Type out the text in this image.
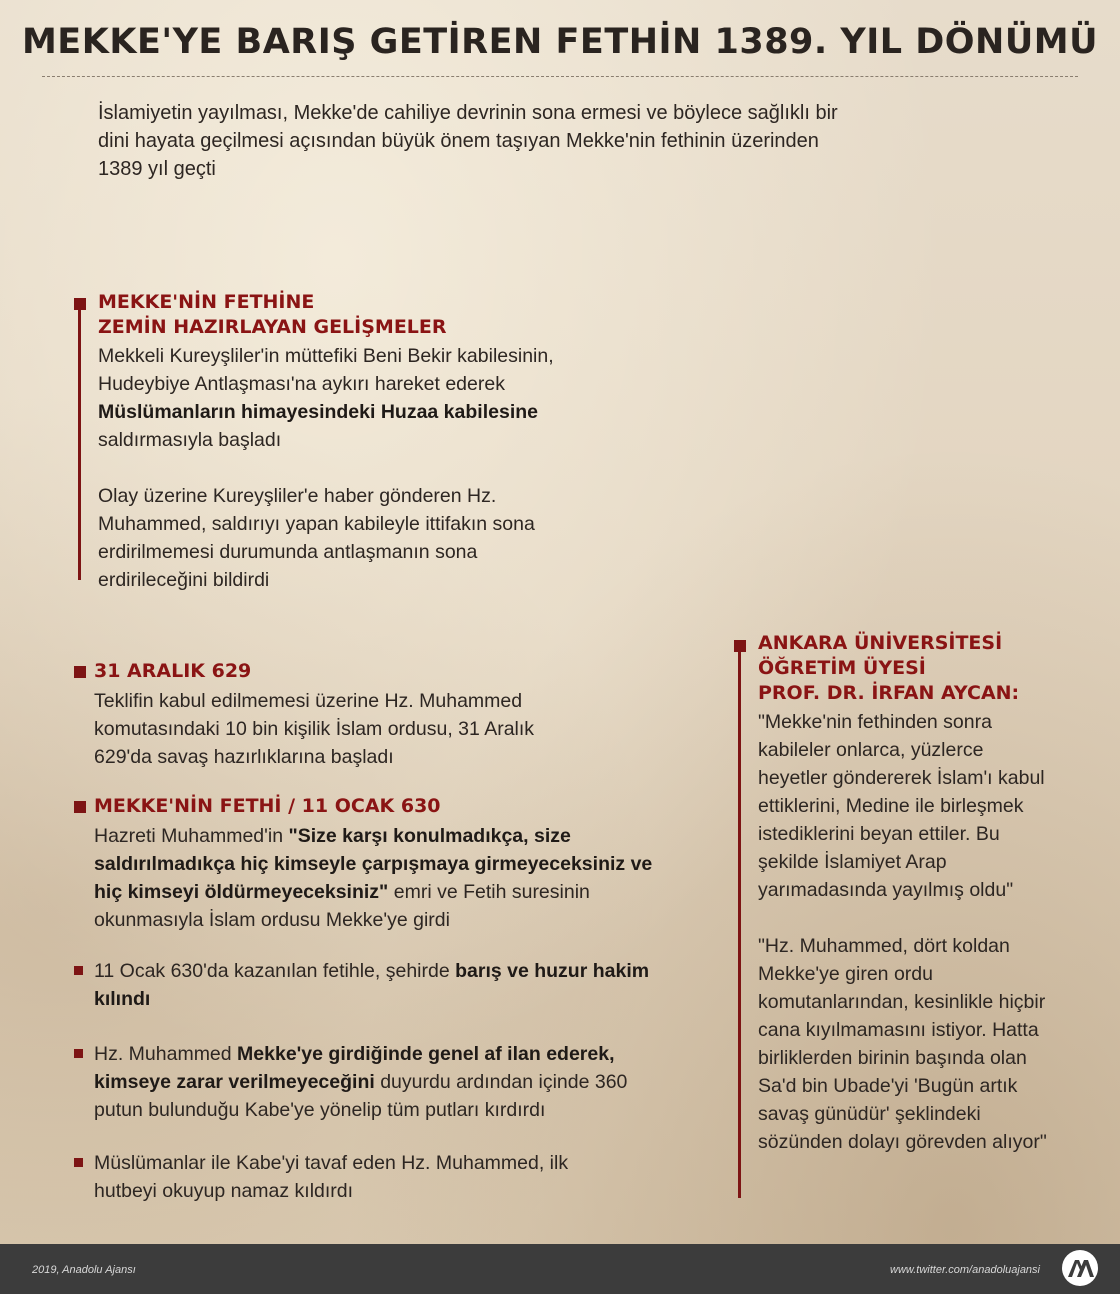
MEKKE'YE BARIŞ GETİREN FETHİN 1389. YIL DÖNÜMÜ

İslamiyetin yayılması, Mekke'de cahiliye devrinin sona ermesi ve böylece sağlıklı bir dini hayata geçilmesi açısından büyük önem taşıyan Mekke'nin fethinin üzerinden 1389 yıl geçti

MEKKE'NİN FETHİNE

ZEMİN HAZIRLAYAN GELİŞMELER

Mekkeli Kureyşliler'in müttefiki Beni Bekir kabilesinin, Hudeybiye Antlaşması'na aykırı hareket ederek Müslümanların himayesindeki Huzaa kabilesine saldırmasıyla başladı

Olay üzerine Kureyşliler'e haber gönderen Hz. Muhammed, saldırıyı yapan kabileyle ittifakın sona erdirilmemesi durumunda antlaşmanın sona erdirileceğini bildirdi

31 ARALIK 629

Teklifin kabul edilmemesi üzerine Hz. Muhammed komutasındaki 10 bin kişilik İslam ordusu, 31 Aralık 629'da savaş hazırlıklarına başladı

MEKKE'NİN FETHİ / 11 OCAK 630

Hazreti Muhammed'in "Size karşı konulmadıkça, size saldırılmadıkça hiç kimseyle çarpışmaya girmeyeceksiniz ve hiç kimseyi öldürmeyeceksiniz" emri ve Fetih suresinin okunmasıyla İslam ordusu Mekke'ye girdi

11 Ocak 630'da kazanılan fetihle, şehirde barış ve huzur hakim kılındı

Hz. Muhammed Mekke'ye girdiğinde genel af ilan ederek, kimseye zarar verilmeyeceğini duyurdu ardından içinde 360 putun bulunduğu Kabe'ye yönelip tüm putları kırdırdı

Müslümanlar ile Kabe'yi tavaf eden Hz. Muhammed, ilk hutbeyi okuyup namaz kıldırdı

ANKARA ÜNİVERSİTESİ

ÖĞRETİM ÜYESİ

PROF. DR. İRFAN AYCAN:

"Mekke'nin fethinden sonra kabileler onlarca, yüzlerce heyetler göndererek İslam'ı kabul ettiklerini, Medine ile birleşmek istediklerini beyan ettiler. Bu şekilde İslamiyet Arap yarımadasında yayılmış oldu"

"Hz. Muhammed, dört koldan Mekke'ye giren ordu komutanlarından, kesinlikle hiçbir cana kıyılmamasını istiyor. Hatta birliklerden birinin başında olan Sa'd bin Ubade'yi 'Bugün artık savaş günüdür' şeklindeki sözünden dolayı görevden alıyor"

2019, Anadolu Ajansı	www.twitter.com/anadoluajansi
